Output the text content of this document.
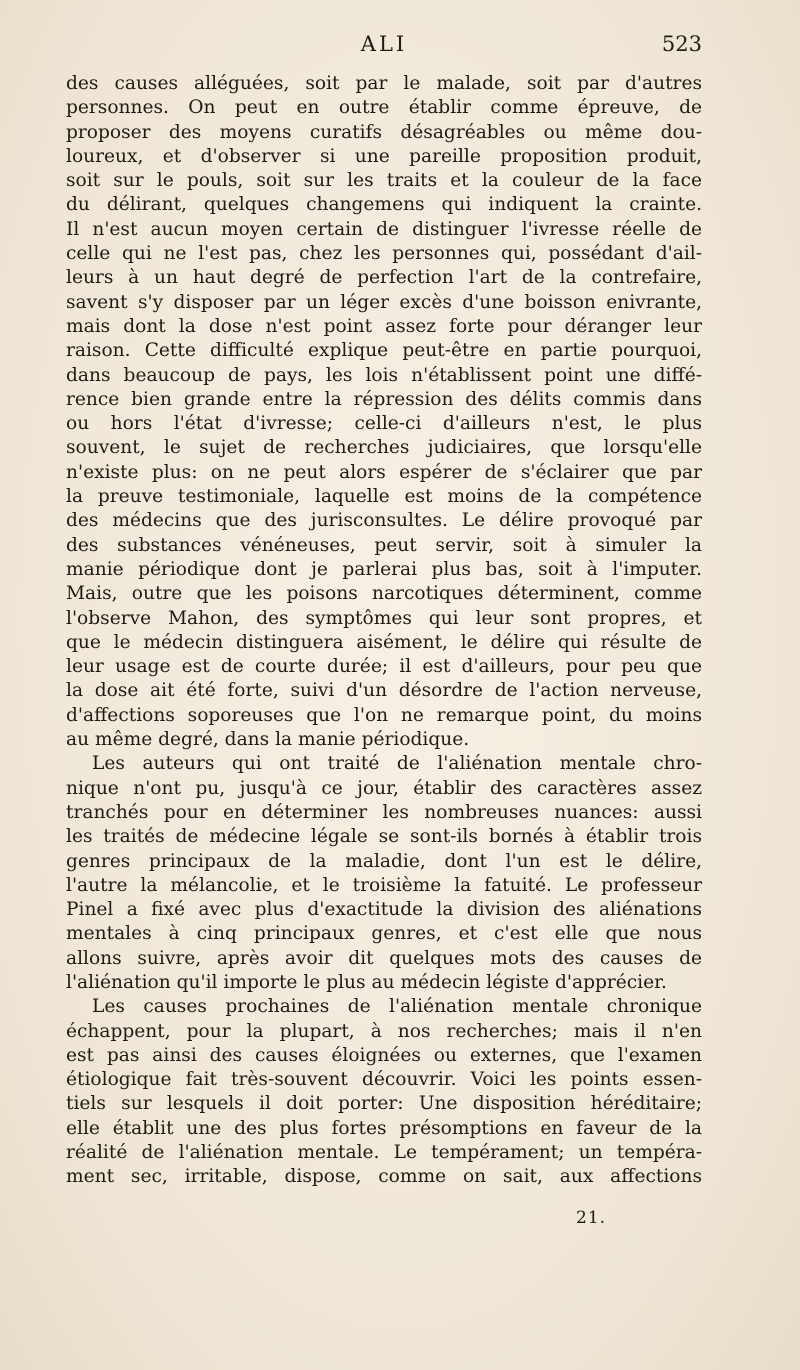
ALI	523
des causes alléguées, soit par le malade, soit par d'autres
personnes. On peut en outre établir comme épreuve, de
proposer des moyens curatifs désagréables ou même dou-
loureux, et d'observer si une pareille proposition produit,
soit sur le pouls, soit sur les traits et la couleur de la face
du délirant, quelques changemens qui indiquent la crainte.
Il n'est aucun moyen certain de distinguer l'ivresse réelle de
celle qui ne l'est pas, chez les personnes qui, possédant d'ail-
leurs à un haut degré de perfection l'art de la contrefaire,
savent s'y disposer par un léger excès d'une boisson enivrante,
mais dont la dose n'est point assez forte pour déranger leur
raison. Cette difficulté explique peut-être en partie pourquoi,
dans beaucoup de pays, les lois n'établissent point une diffé-
rence bien grande entre la répression des délits commis dans
ou hors l'état d'ivresse; celle-ci d'ailleurs n'est, le plus
souvent, le sujet de recherches judiciaires, que lorsqu'elle
n'existe plus: on ne peut alors espérer de s'éclairer que par
la preuve testimoniale, laquelle est moins de la compétence
des médecins que des jurisconsultes. Le délire provoqué par
des substances vénéneuses, peut servir, soit à simuler la
manie périodique dont je parlerai plus bas, soit à l'imputer.
Mais, outre que les poisons narcotiques déterminent, comme
l'observe Mahon, des symptômes qui leur sont propres, et
que le médecin distinguera aisément, le délire qui résulte de
leur usage est de courte durée; il est d'ailleurs, pour peu que
la dose ait été forte, suivi d'un désordre de l'action nerveuse,
d'affections soporeuses que l'on ne remarque point, du moins
au même degré, dans la manie périodique.
Les auteurs qui ont traité de l'aliénation mentale chro-
nique n'ont pu, jusqu'à ce jour, établir des caractères assez
tranchés pour en déterminer les nombreuses nuances: aussi
les traités de médecine légale se sont-ils bornés à établir trois
genres principaux de la maladie, dont l'un est le délire,
l'autre la mélancolie, et le troisième la fatuité. Le professeur
Pinel a fixé avec plus d'exactitude la division des aliénations
mentales à cinq principaux genres, et c'est elle que nous
allons suivre, après avoir dit quelques mots des causes de
l'aliénation qu'il importe le plus au médecin légiste d'apprécier.
Les causes prochaines de l'aliénation mentale chronique
échappent, pour la plupart, à nos recherches; mais il n'en
est pas ainsi des causes éloignées ou externes, que l'examen
étiologique fait très-souvent découvrir. Voici les points essen-
tiels sur lesquels il doit porter: Une disposition héréditaire;
elle établit une des plus fortes présomptions en faveur de la
réalité de l'aliénation mentale. Le tempérament; un tempéra-
ment sec, irritable, dispose, comme on sait, aux affections
21.
